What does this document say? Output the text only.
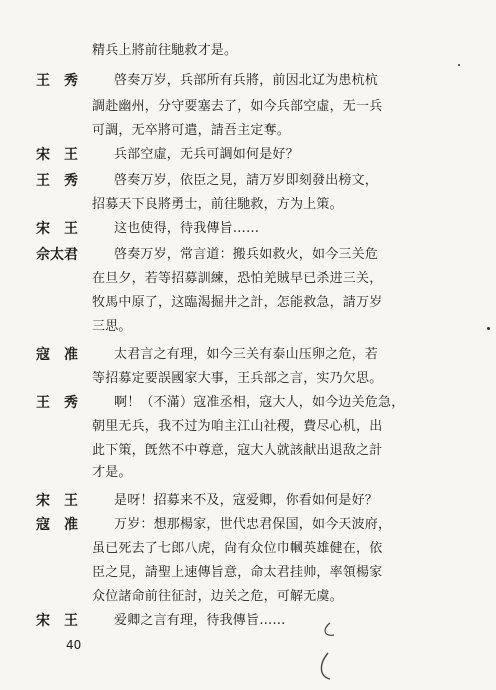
精兵上將前往馳救才是。
王　秀	啓奏万岁，兵部所有兵將，前因北辽为患杭杭
調赴幽州，分守要塞去了，如今兵部空虛，无一兵
可調，无卒將可遣，請吾主定奪。
宋　王	兵部空虛，无兵可調如何是好？
王　秀	啓奏万岁，依臣之見，請万岁即刻發出榜文，
招募天下良將勇士，前往馳救，方为上策。
宋　王	这也使得，待我傳旨……
佘太君	啓奏万岁，常言道：搬兵如救火，如今三关危
在旦夕，若等招募訓練，恐怕羌賊早已杀进三关，
牧馬中原了，这臨渴掘井之計，怎能救急，請万岁
三思。
寇　准	太君言之有理，如今三关有泰山压卵之危，若
等招募定要誤國家大事，王兵部之言，实乃欠思。
王　秀	啊！（不滿）寇准丞相，寇大人，如今边关危急，
朝里无兵，我不过为咱主江山社稷，費尽心机，出
此下策，旣然不中尊意，寇大人就該献出退敌之計
才是。
宋　王	是呀！招募来不及，寇爱卿，你看如何是好？
寇　准	万岁：想那楊家，世代忠君保国，如今天波府，
虽已死去了七郎八虎，尙有众位巾幗英雄健在，依
臣之見，請聖上速傳旨意，命太君挂帅，率領楊家
众位諸命前往征討，边关之危，可解无虞。
宋　王	爱卿之言有理，待我傳旨……
40
